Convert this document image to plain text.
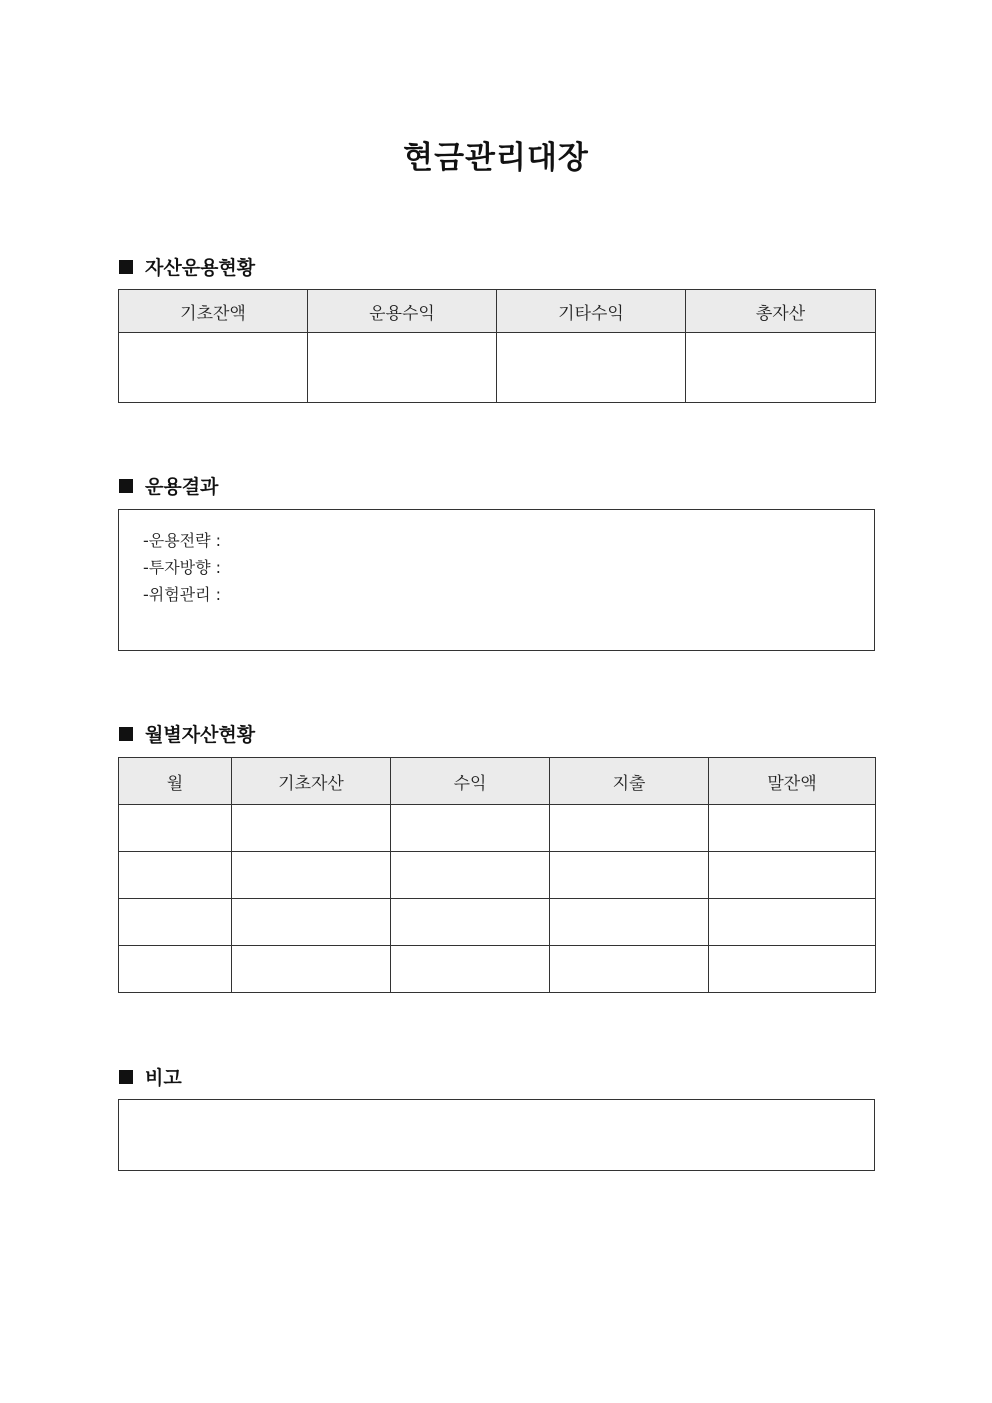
현금관리대장
자산운용현황
기초잔액	운용수익	기타수익	총자산

운용결과
-운용전략 :
-투자방향 :
-위험관리 :
월별자산현황
월	기초자산	수익	지출	말잔액

비고
